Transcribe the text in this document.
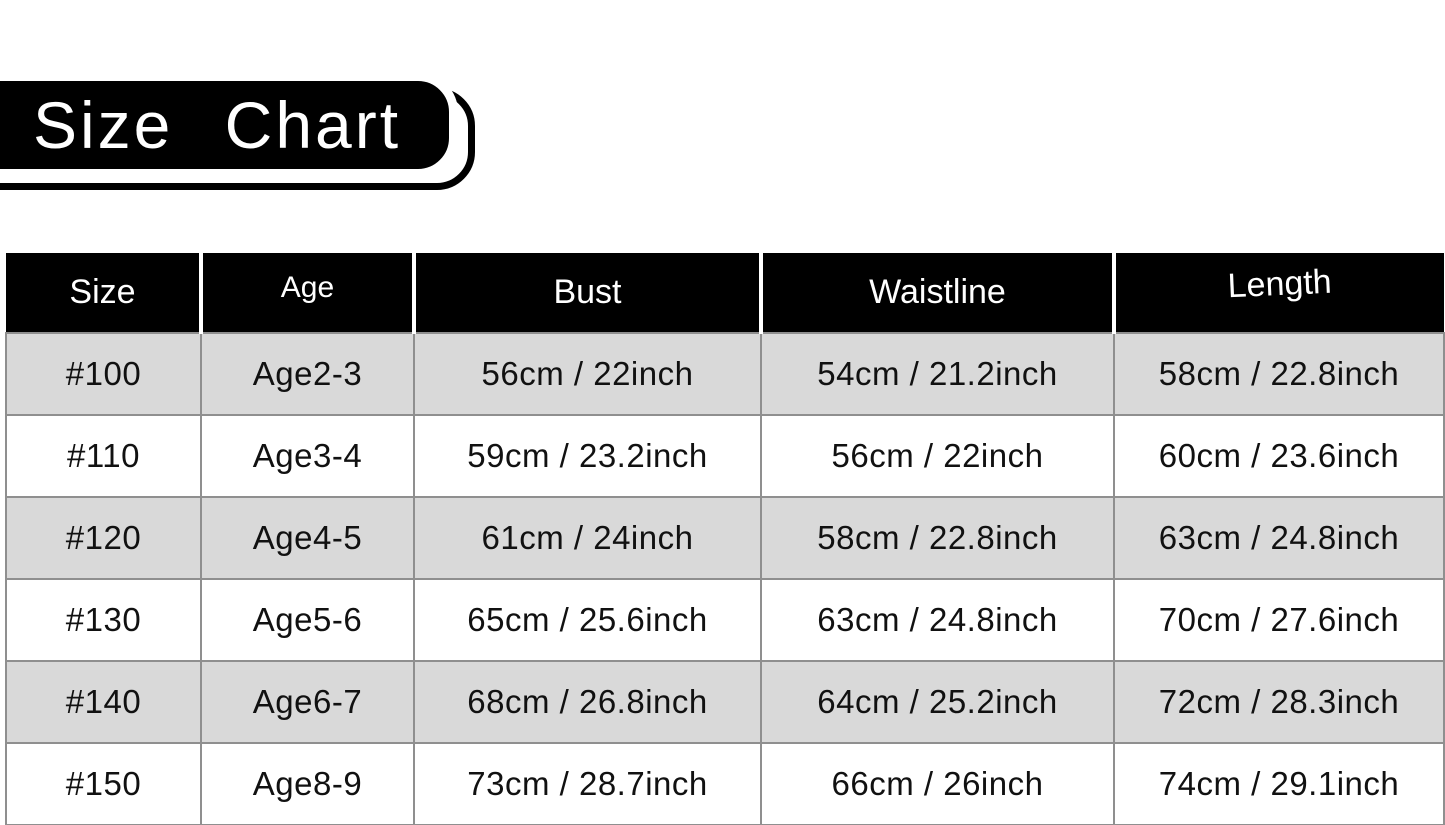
Size Chart
Size	Age	Bust	Waistline	Length
#100	Age2-3	56cm / 22inch	54cm / 21.2inch	58cm / 22.8inch
#110	Age3-4	59cm / 23.2inch	56cm / 22inch	60cm / 23.6inch
#120	Age4-5	61cm / 24inch	58cm / 22.8inch	63cm / 24.8inch
#130	Age5-6	65cm / 25.6inch	63cm / 24.8inch	70cm / 27.6inch
#140	Age6-7	68cm / 26.8inch	64cm / 25.2inch	72cm / 28.3inch
#150	Age8-9	73cm / 28.7inch	66cm / 26inch	74cm / 29.1inch
